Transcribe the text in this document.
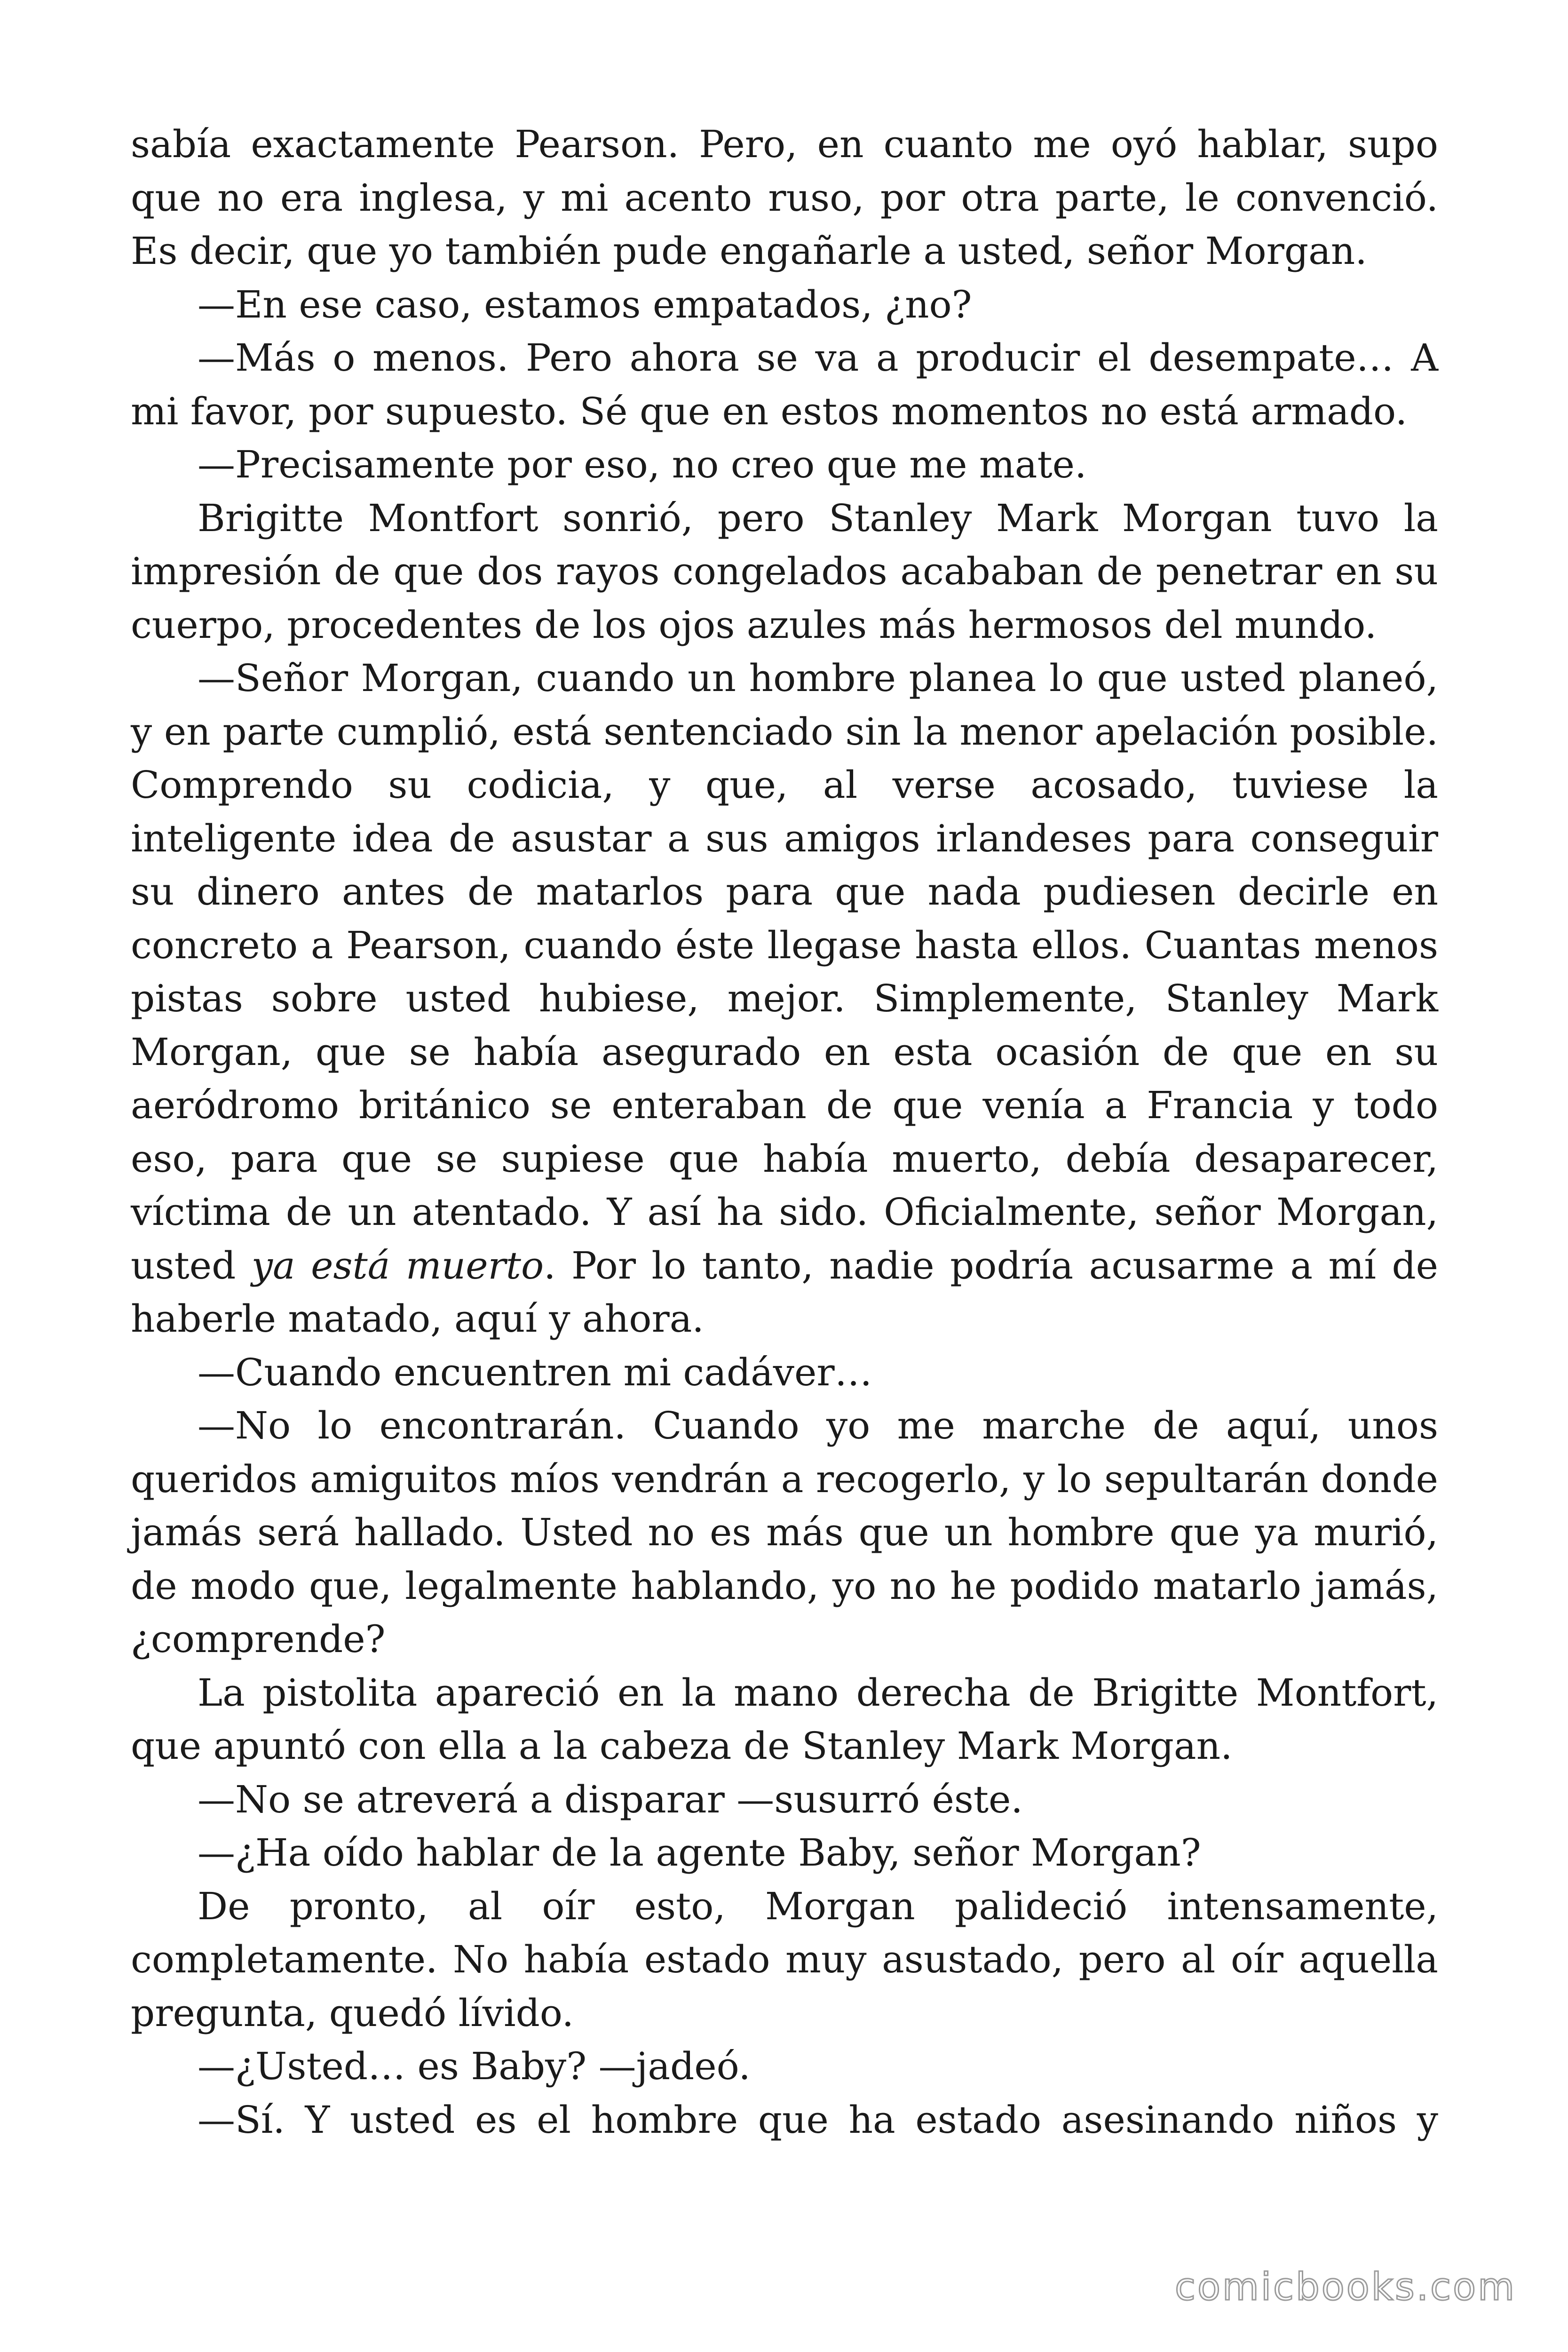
sabía exactamente Pearson. Pero, en cuanto me oyó hablar, supo que no era inglesa, y mi acento ruso, por otra parte, le convenció. Es decir, que yo también pude engañarle a usted, señor Morgan.

—En ese caso, estamos empatados, ¿no?

—Más o menos. Pero ahora se va a producir el desempate… A mi favor, por supuesto. Sé que en estos momentos no está armado.

—Precisamente por eso, no creo que me mate.

Brigitte Montfort sonrió, pero Stanley Mark Morgan tuvo la impresión de que dos rayos congelados acababan de penetrar en su cuerpo, procedentes de los ojos azules más hermosos del mundo.

—Señor Morgan, cuando un hombre planea lo que usted planeó, y en parte cumplió, está sentenciado sin la menor apelación posible. Comprendo su codicia, y que, al verse acosado, tuviese la inteligente idea de asustar a sus amigos irlandeses para conseguir su dinero antes de matarlos para que nada pudiesen decirle en concreto a Pearson, cuando éste llegase hasta ellos. Cuantas menos pistas sobre usted hubiese, mejor. Simplemente, Stanley Mark Morgan, que se había asegurado en esta ocasión de que en su aeródromo británico se enteraban de que venía a Francia y todo eso, para que se supiese que había muerto, debía desaparecer, víctima de un atentado. Y así ha sido. Oficialmente, señor Morgan, usted ya está muerto. Por lo tanto, nadie podría acusarme a mí de haberle matado, aquí y ahora.

—Cuando encuentren mi cadáver…

—No lo encontrarán. Cuando yo me marche de aquí, unos queridos amiguitos míos vendrán a recogerlo, y lo sepultarán donde jamás será hallado. Usted no es más que un hombre que ya murió, de modo que, legalmente hablando, yo no he podido matarlo jamás, ¿comprende?

La pistolita apareció en la mano derecha de Brigitte Montfort, que apuntó con ella a la cabeza de Stanley Mark Morgan.

—No se atreverá a disparar —susurró éste.

—¿Ha oído hablar de la agente Baby, señor Morgan?

De pronto, al oír esto, Morgan palideció intensamente, completamente. No había estado muy asustado, pero al oír aquella pregunta, quedó lívido.

—¿Usted… es Baby? —jadeó.

—Sí. Y usted es el hombre que ha estado asesinando niños y

comicbooks.com
